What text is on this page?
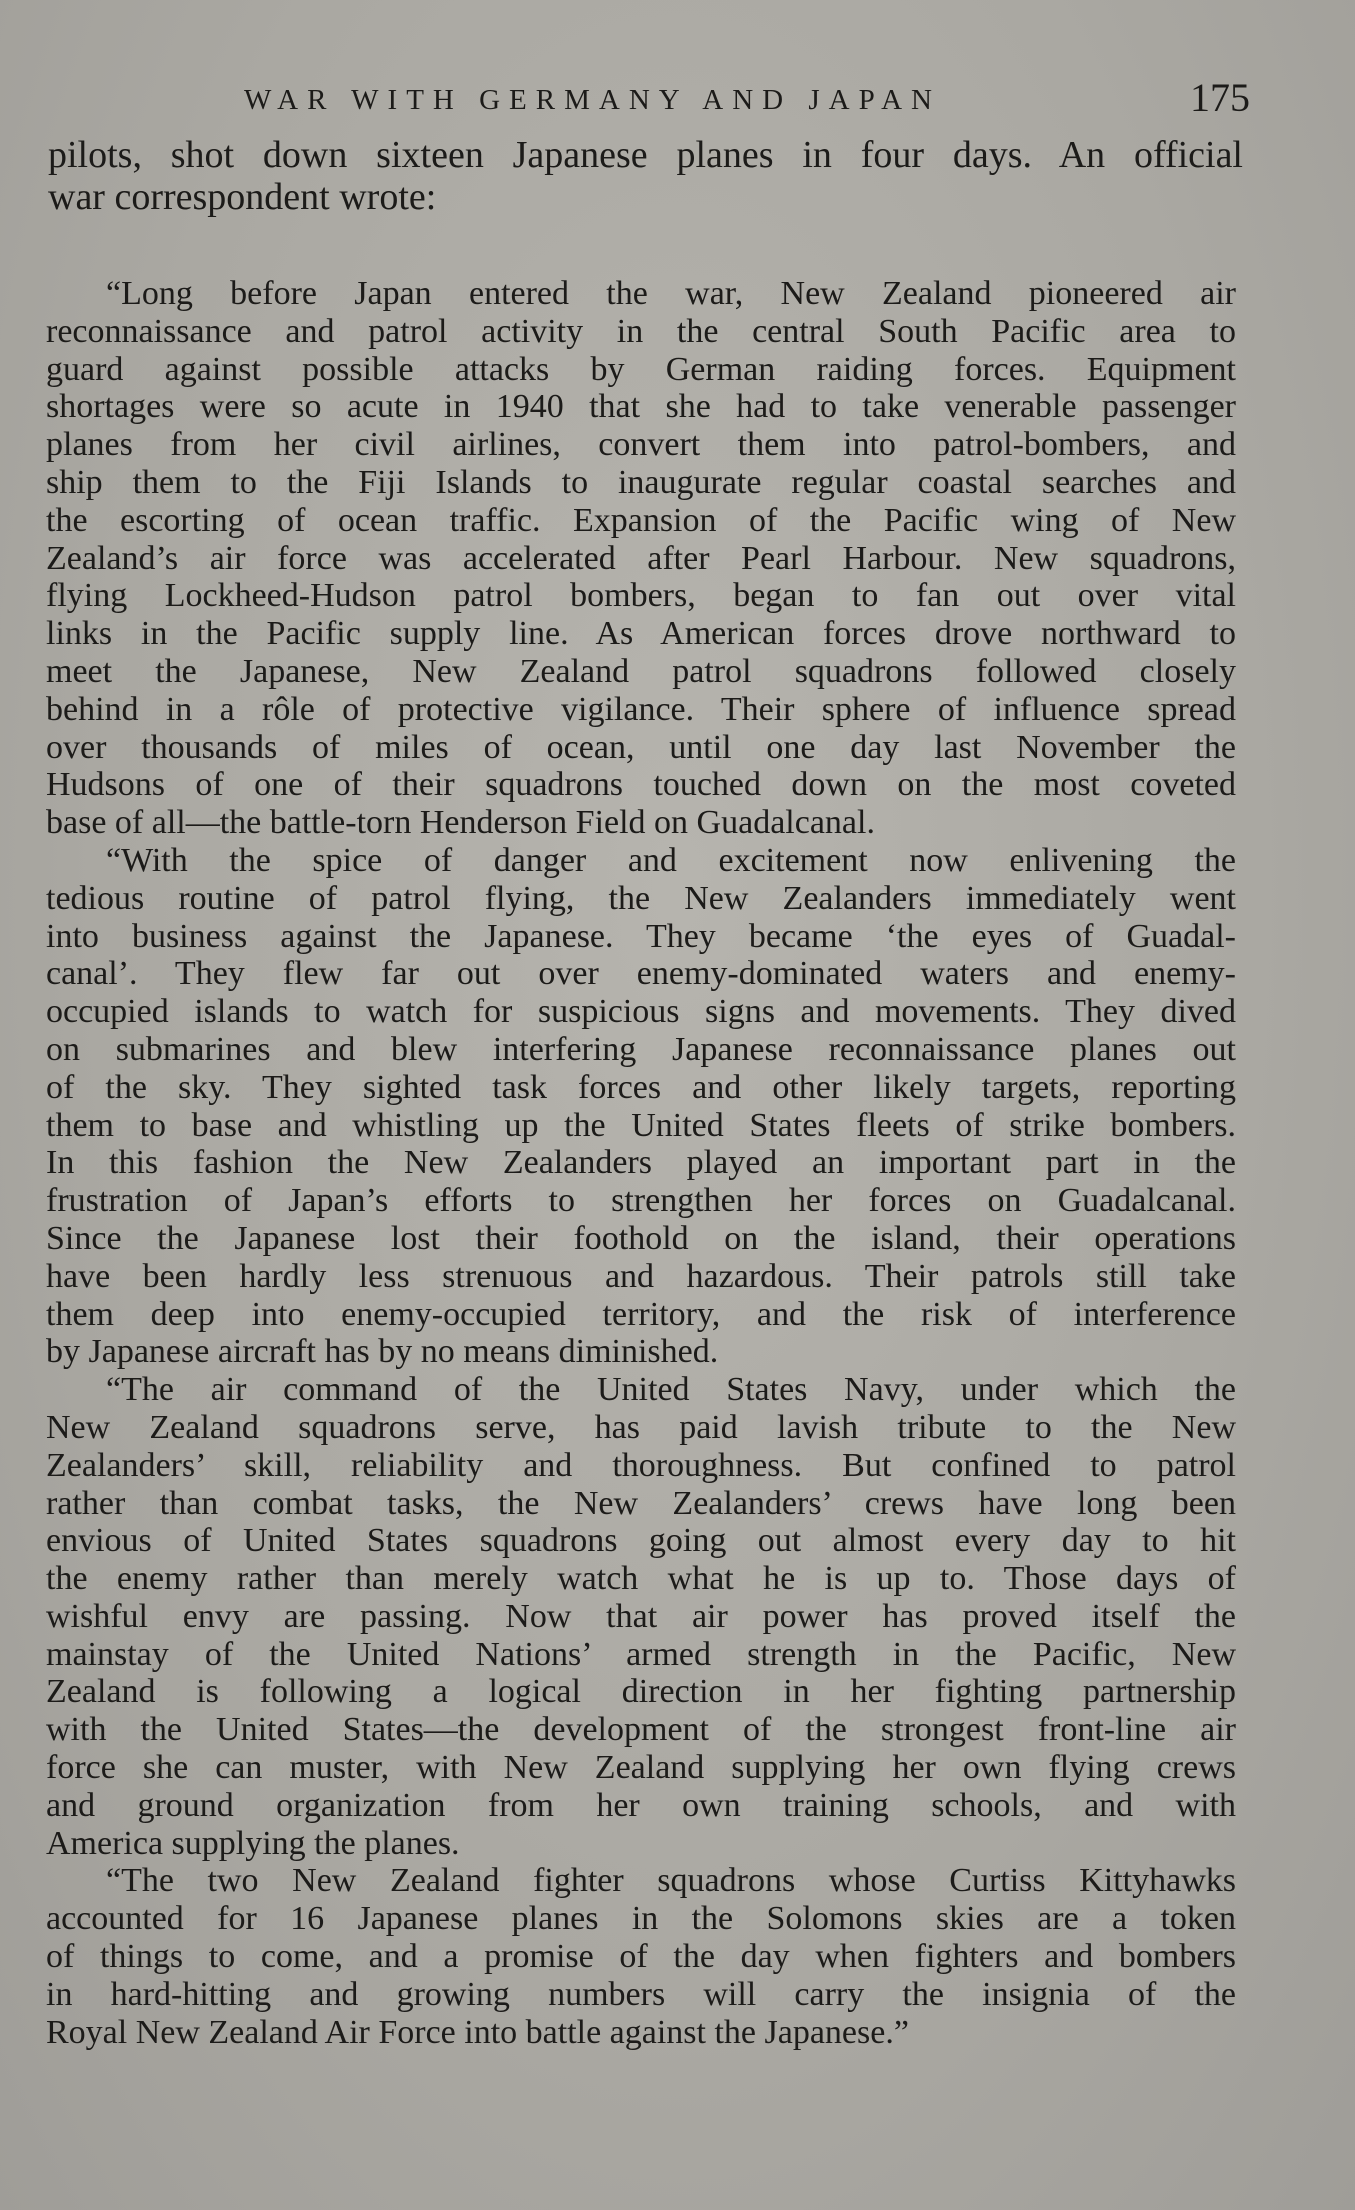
WAR WITH GERMANY AND JAPAN	175
pilots, shot down sixteen Japanese planes in four days. An official
war correspondent wrote:
“Long before Japan entered the war, New Zealand pioneered air
reconnaissance and patrol activity in the central South Pacific area to
guard against possible attacks by German raiding forces. Equipment
shortages were so acute in 1940 that she had to take venerable passenger
planes from her civil airlines, convert them into patrol-bombers, and
ship them to the Fiji Islands to inaugurate regular coastal searches and
the escorting of ocean traffic. Expansion of the Pacific wing of New
Zealand’s air force was accelerated after Pearl Harbour. New squadrons,
flying Lockheed-Hudson patrol bombers, began to fan out over vital
links in the Pacific supply line. As American forces drove northward to
meet the Japanese, New Zealand patrol squadrons followed closely
behind in a rôle of protective vigilance. Their sphere of influence spread
over thousands of miles of ocean, until one day last November the
Hudsons of one of their squadrons touched down on the most coveted
base of all—the battle-torn Henderson Field on Guadalcanal.
“With the spice of danger and excitement now enlivening the
tedious routine of patrol flying, the New Zealanders immediately went
into business against the Japanese. They became ‘the eyes of Guadal-
canal’. They flew far out over enemy-dominated waters and enemy-
occupied islands to watch for suspicious signs and movements. They dived
on submarines and blew interfering Japanese reconnaissance planes out
of the sky. They sighted task forces and other likely targets, reporting
them to base and whistling up the United States fleets of strike bombers.
In this fashion the New Zealanders played an important part in the
frustration of Japan’s efforts to strengthen her forces on Guadalcanal.
Since the Japanese lost their foothold on the island, their operations
have been hardly less strenuous and hazardous. Their patrols still take
them deep into enemy-occupied territory, and the risk of interference
by Japanese aircraft has by no means diminished.
“The air command of the United States Navy, under which the
New Zealand squadrons serve, has paid lavish tribute to the New
Zealanders’ skill, reliability and thoroughness. But confined to patrol
rather than combat tasks, the New Zealanders’ crews have long been
envious of United States squadrons going out almost every day to hit
the enemy rather than merely watch what he is up to. Those days of
wishful envy are passing. Now that air power has proved itself the
mainstay of the United Nations’ armed strength in the Pacific, New
Zealand is following a logical direction in her fighting partnership
with the United States—the development of the strongest front-line air
force she can muster, with New Zealand supplying her own flying crews
and ground organization from her own training schools, and with
America supplying the planes.
“The two New Zealand fighter squadrons whose Curtiss Kittyhawks
accounted for 16 Japanese planes in the Solomons skies are a token
of things to come, and a promise of the day when fighters and bombers
in hard-hitting and growing numbers will carry the insignia of the
Royal New Zealand Air Force into battle against the Japanese.”
